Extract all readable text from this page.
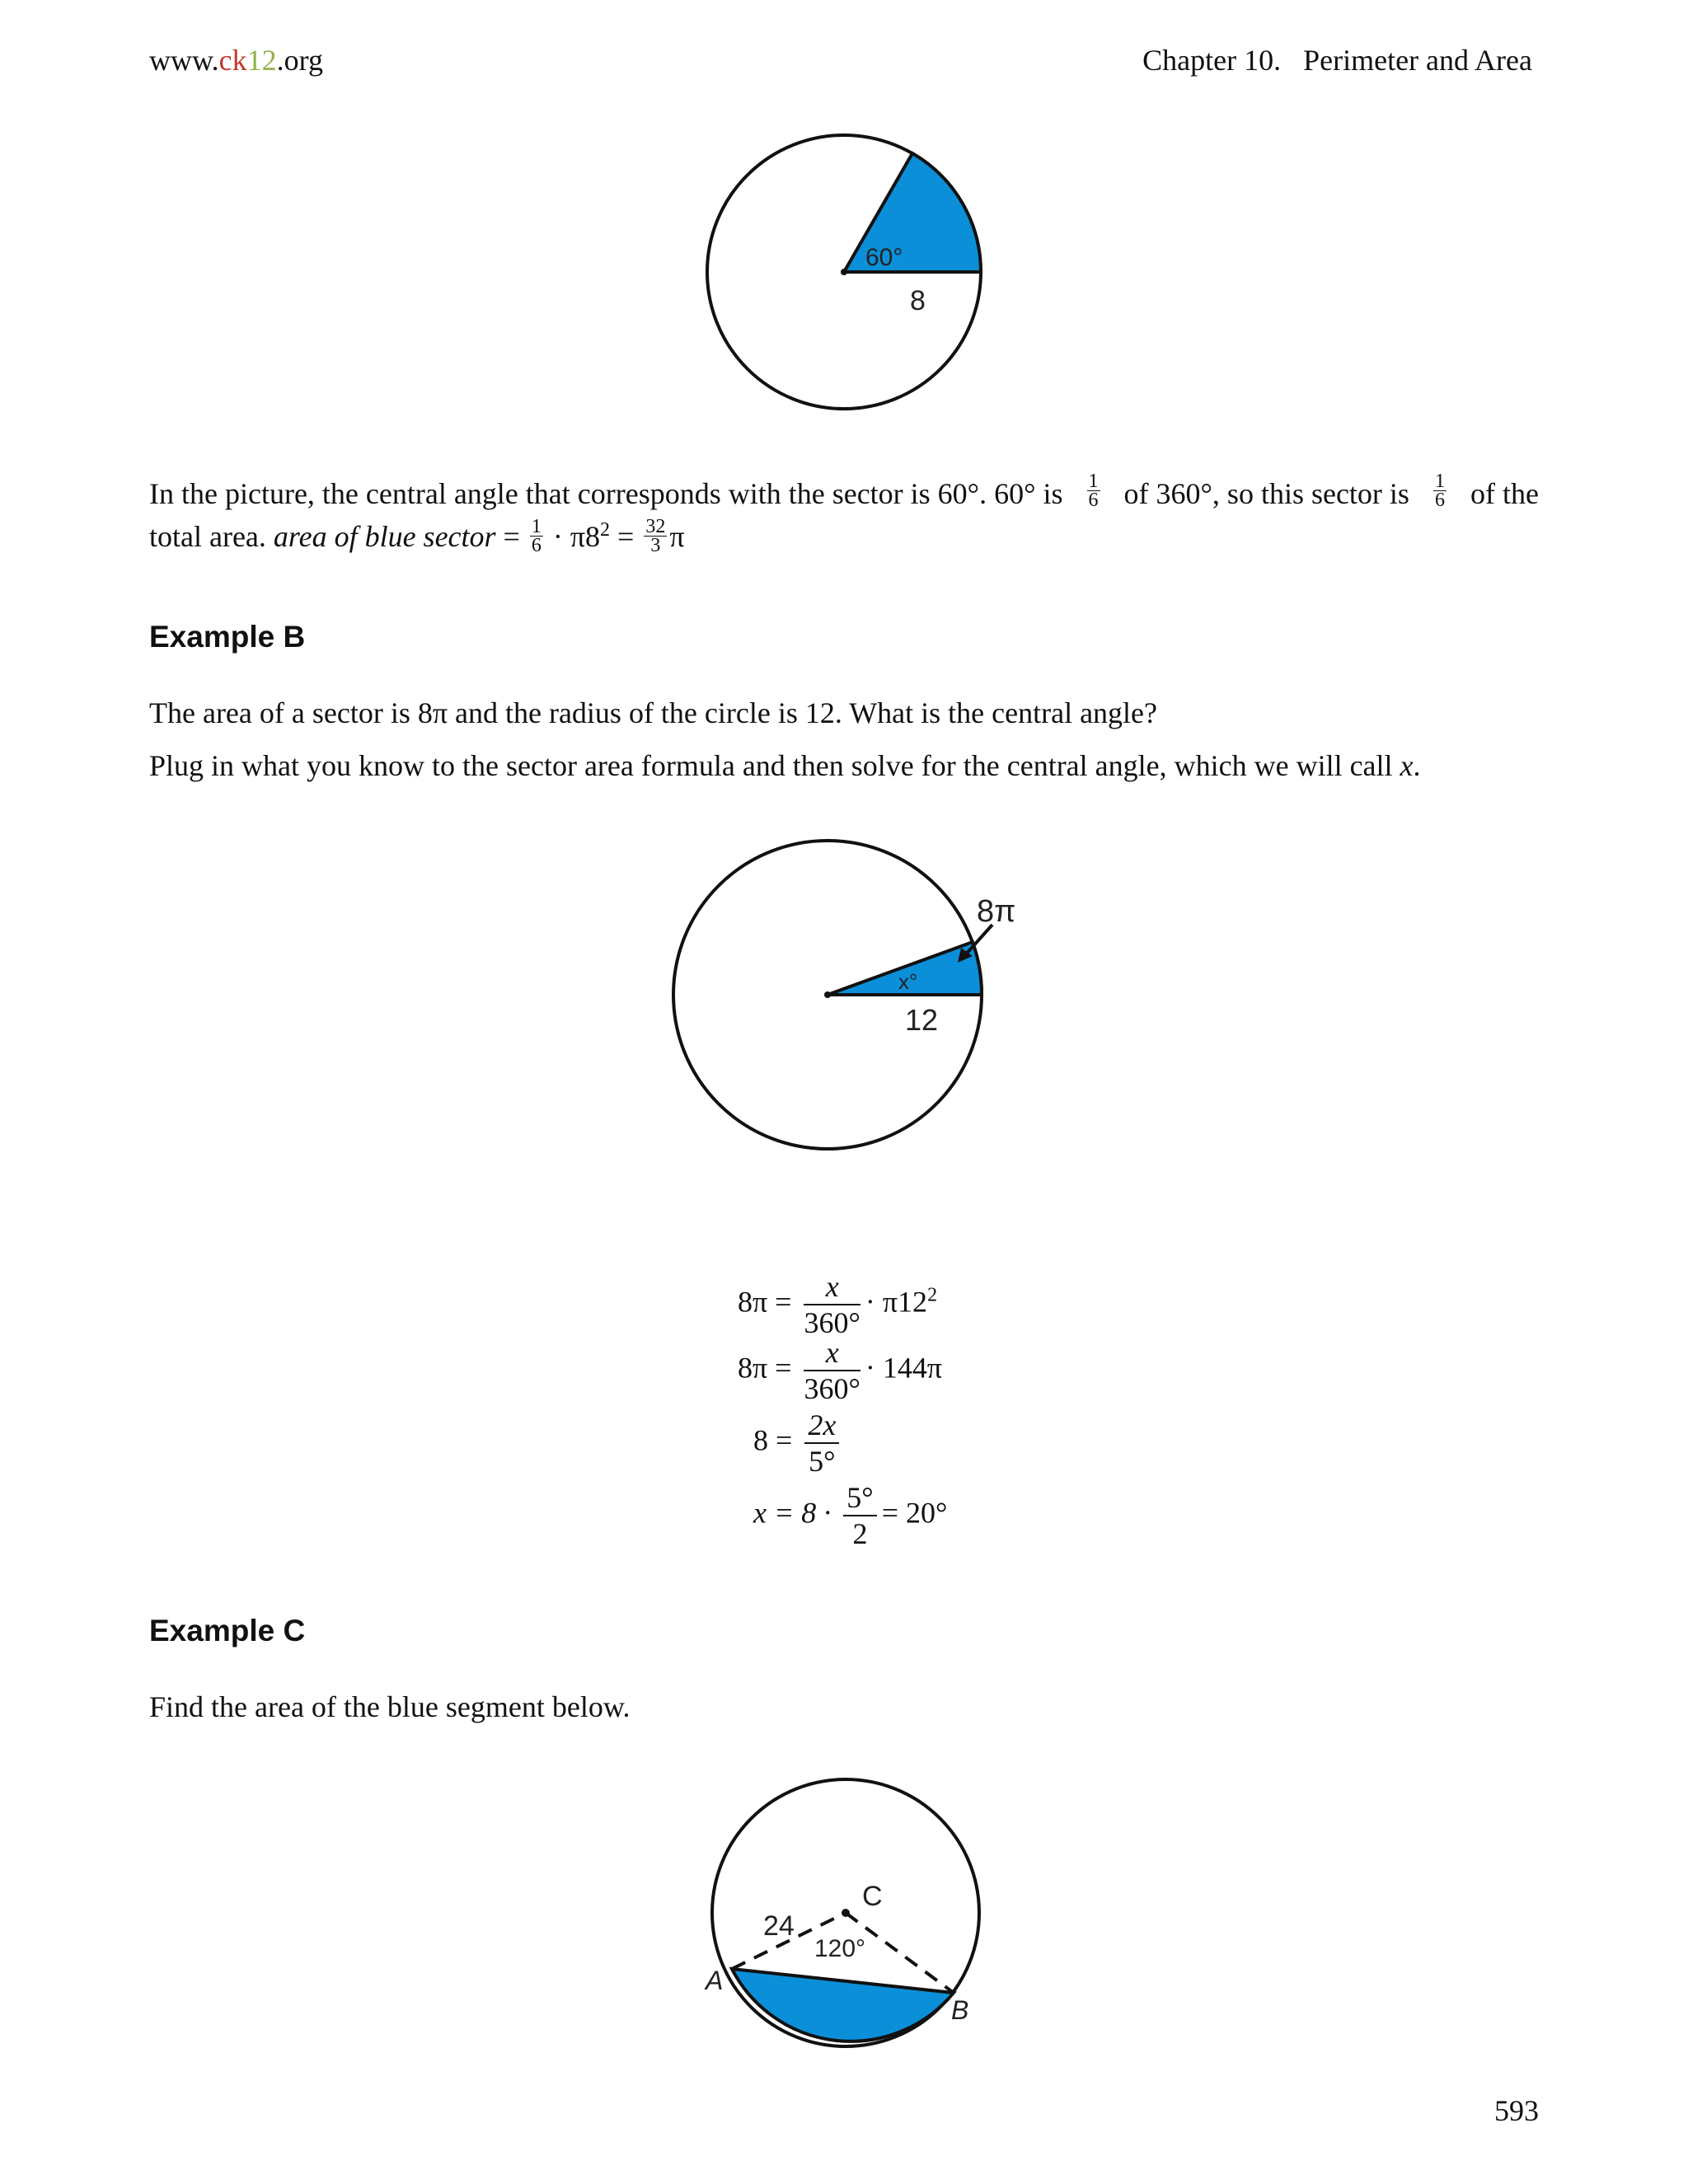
www.ck12.org	Chapter 10.   Perimeter and Area
60°
8
In the picture, the central angle that corresponds with the sector is 60°. 60° is $\frac{1}{6}$ of 360°, so this sector is $\frac{1}{6}$ of the
total area. area of blue sector = $\frac{1}{6} \cdot \pi 8^2 = \frac{32}{3}$ π
Example B
The area of a sector is 8π and the radius of the circle is 12. What is the central angle?
Plug in what you know to the sector area formula and then solve for the central angle, which we will call x.
8π
x°
12
$8\pi = \frac{x}{360^\circ} \cdot \pi 12^2$
$8\pi = \frac{x}{360^\circ} \cdot 144\pi$
$8 = \frac{2x}{5^\circ}$
$x = 8 \cdot \frac{5^\circ}{2} = 20^\circ$
Example C
Find the area of the blue segment below.
C
A
B
24
120°
593
